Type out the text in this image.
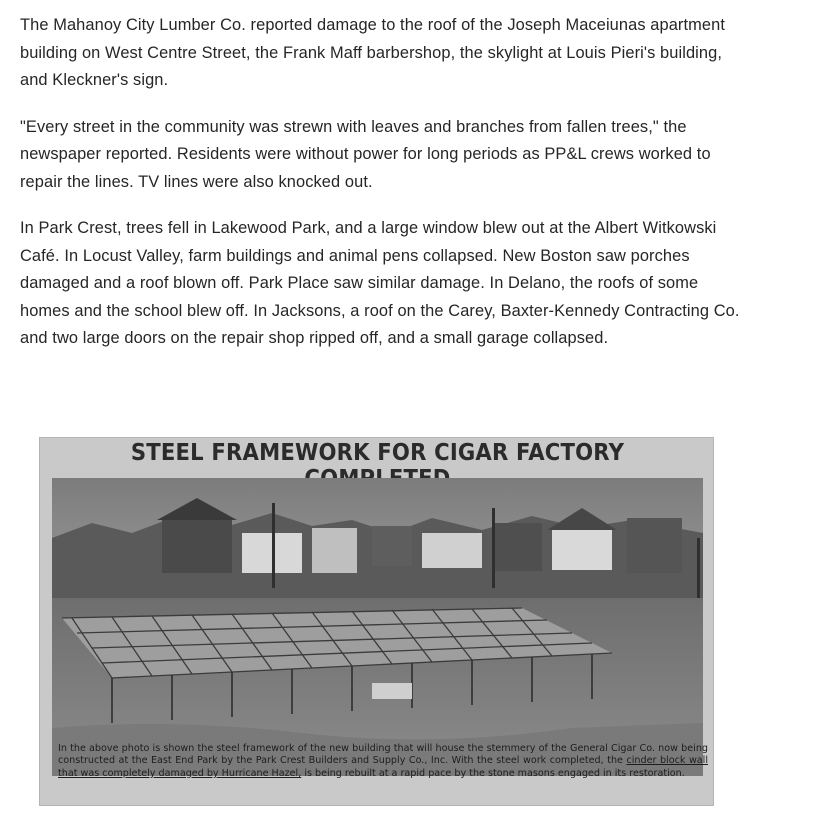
The Mahanoy City Lumber Co. reported damage to the roof of the Joseph Maceiunas apartment building on West Centre Street, the Frank Maff barbershop, the skylight at Louis Pieri's building, and Kleckner's sign.

"Every street in the community was strewn with leaves and branches from fallen trees," the newspaper reported. Residents were without power for long periods as PP&L crews worked to repair the lines. TV lines were also knocked out.

In Park Crest, trees fell in Lakewood Park, and a large window blew out at the Albert Witkowski Café. In Locust Valley, farm buildings and animal pens collapsed. New Boston saw porches damaged and a roof blown off. Park Place saw similar damage. In Delano, the roofs of some homes and the school blew off. In Jacksons, a roof on the Carey, Baxter-Kennedy Contracting Co. and two large doors on the repair shop ripped off, and a small garage collapsed.

STEEL FRAMEWORK FOR CIGAR FACTORY
In the above photo is shown the steel framework of the new building that will house the stemmery of the General Cigar Co. now being constructed at the East End Park by the Park Crest Builders and Supply Co., Inc. With the steel work completed, the cinder block wall that was completely damaged by Hurricane Hazel, is being rebuilt at a rapid pace by the stone masons engaged in its restoration.
